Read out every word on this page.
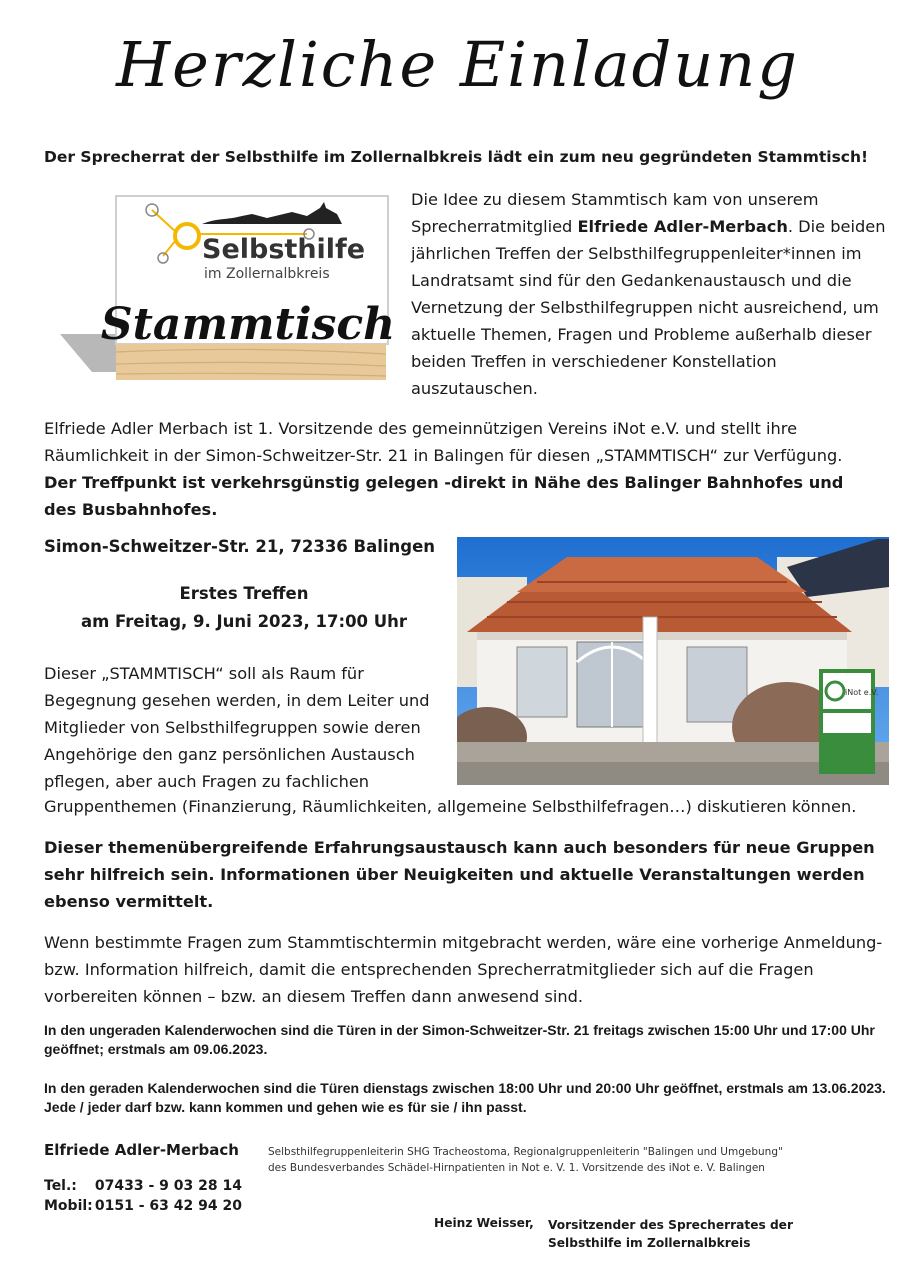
Herzliche Einladung
Der Sprecherrat der Selbsthilfe im Zollernalbkreis lädt ein zum neu gegründeten Stammtisch!
Selbsthilfe
im Zollernalbkreis
Stammtisch
Die Idee zu diesem Stammtisch kam von unserem Sprecherratmitglied Elfriede Adler-Merbach. Die beiden jährlichen Treffen der Selbsthilfegruppenleiter*innen im Landratsamt sind für den Gedankenaustausch und die Vernetzung der Selbsthilfegruppen nicht ausreichend, um aktuelle Themen, Fragen und Probleme außerhalb dieser beiden Treffen in verschiedener Konstellation auszutauschen.
Elfriede Adler Merbach ist 1. Vorsitzende des gemeinnützigen Vereins iNot e.V. und stellt ihre Räumlichkeit in der Simon-Schweitzer-Str. 21 in Balingen für diesen „STAMMTISCH“ zur Verfügung.
Der Treffpunkt ist verkehrsgünstig gelegen -direkt in Nähe des Balinger Bahnhofes und des Busbahnhofes.
Simon-Schweitzer-Str. 21, 72336 Balingen
Erstes Treffen
am Freitag, 9. Juni 2023, 17:00 Uhr
iNot e.V.
Dieser „STAMMTISCH“ soll als Raum für Begegnung gesehen werden, in dem Leiter und Mitglieder von Selbsthilfegruppen sowie deren Angehörige den ganz persönlichen Austausch pflegen, aber auch Fragen zu fachlichen
Gruppenthemen (Finanzierung, Räumlichkeiten, allgemeine Selbsthilfefragen…) diskutieren können.
Dieser themenübergreifende Erfahrungsaustausch kann auch besonders für neue Gruppen sehr hilfreich sein. Informationen über Neuigkeiten und aktuelle Veranstaltungen werden ebenso vermittelt.
Wenn bestimmte Fragen zum Stammtischtermin mitgebracht werden, wäre eine vorherige Anmeldung- bzw. Information hilfreich, damit die entsprechenden Sprecherratmitglieder sich auf die Fragen vorbereiten können – bzw. an diesem Treffen dann anwesend sind.
In den ungeraden Kalenderwochen sind die Türen in der Simon-Schweitzer-Str. 21 freitags zwischen 15:00 Uhr und 17:00 Uhr geöffnet; erstmals am 09.06.2023.
In den geraden Kalenderwochen sind die Türen dienstags zwischen 18:00 Uhr und 20:00 Uhr geöffnet, erstmals am 13.06.2023. Jede / jeder darf bzw. kann kommen und gehen wie es für sie / ihn passt.
Elfriede Adler-Merbach	Selbsthilfegruppenleiterin SHG Tracheostoma, Regionalgruppenleiterin "Balingen und Umgebung"
des Bundesverbandes Schädel-Hirnpatienten in Not e. V. 1. Vorsitzende des iNot e. V. Balingen
Tel.: 07433 - 9 03 28 14
Mobil: 0151 - 63 42 94 20
Heinz Weisser, Vorsitzender des Sprecherrates der
Selbsthilfe im Zollernalbkreis
